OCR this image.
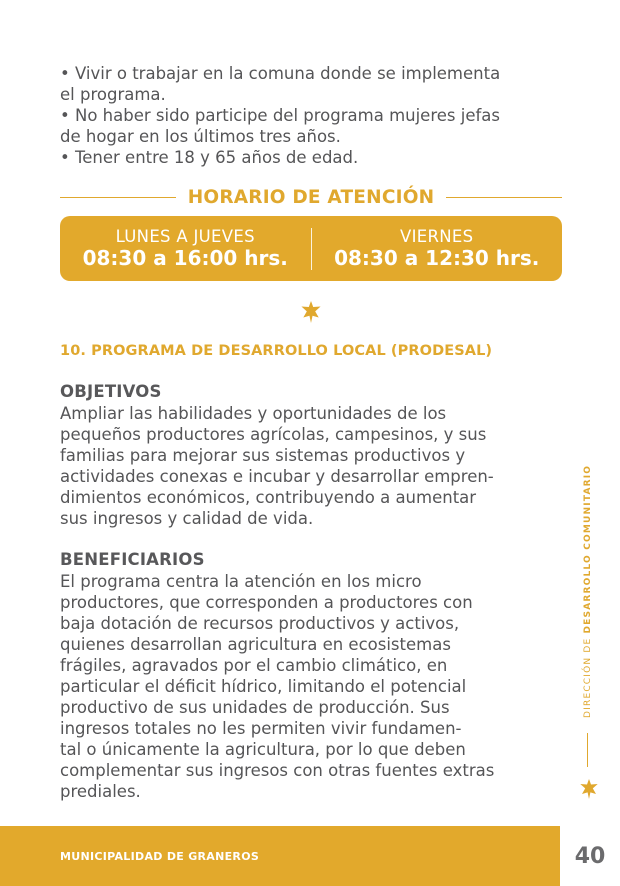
• Vivir o trabajar en la comuna donde se implementa
el programa.
• No haber sido participe del programa mujeres jefas
de hogar en los últimos tres años.
• Tener entre 18 y 65 años de edad.
HORARIO DE ATENCIÓN
LUNES A JUEVES
08:30 a 16:00 hrs.
VIERNES
08:30 a 12:30 hrs.
10. PROGRAMA DE DESARROLLO LOCAL (PRODESAL)
OBJETIVOS
Ampliar las habilidades y oportunidades de los
pequeños productores agrícolas, campesinos, y sus
familias para mejorar sus sistemas productivos y
actividades conexas e incubar y desarrollar empren-
dimientos económicos, contribuyendo a aumentar
sus ingresos y calidad de vida.
BENEFICIARIOS
El programa centra la atención en los micro
productores, que corresponden a productores con
baja dotación de recursos productivos y activos,
quienes desarrollan agricultura en ecosistemas
frágiles, agravados por el cambio climático, en
particular el déficit hídrico, limitando el potencial
productivo de sus unidades de producción. Sus
ingresos totales no les permiten vivir fundamen-
tal o únicamente la agricultura, por lo que deben
complementar sus ingresos con otras fuentes extras
prediales.
DIRECCIÓN DE DESARROLLO COMUNITARIO
MUNICIPALIDAD DE GRANEROS	40
